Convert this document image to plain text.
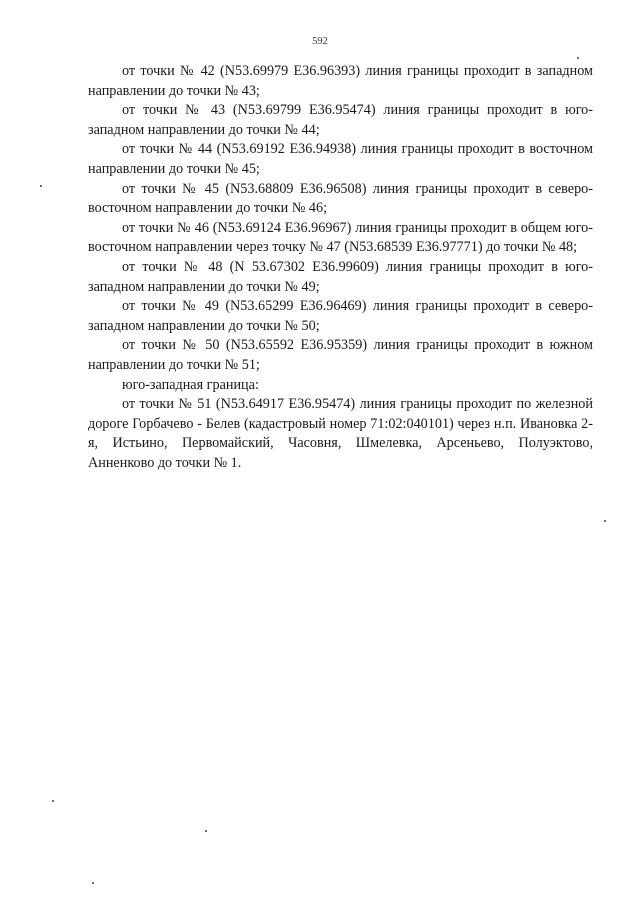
592

от точки № 42 (N53.69979 E36.96393) линия границы проходит в западном направлении до точки № 43;

от точки № 43 (N53.69799 E36.95474) линия границы проходит в юго-западном направлении до точки № 44;

от точки № 44 (N53.69192 E36.94938) линия границы проходит в восточном направлении до точки № 45;

от точки № 45 (N53.68809 E36.96508) линия границы проходит в северо-восточном направлении до точки № 46;

от точки № 46 (N53.69124 E36.96967) линия границы проходит в общем юго-восточном направлении через точку № 47 (N53.68539 E36.97771) до точки № 48;

от точки № 48 (N 53.67302 E36.99609) линия границы проходит в юго-западном направлении до точки № 49;

от точки № 49 (N53.65299 E36.96469) линия границы проходит в северо-западном направлении до точки № 50;

от точки № 50 (N53.65592 E36.95359) линия границы проходит в южном направлении до точки № 51;

юго-западная граница:

от точки № 51 (N53.64917 E36.95474) линия границы проходит по железной дороге Горбачево - Белев (кадастровый номер 71:02:040101) через н.п. Ивановка 2-я, Истьино, Первомайский, Часовня, Шмелевка, Арсеньево, Полуэктово, Анненково до точки № 1.
